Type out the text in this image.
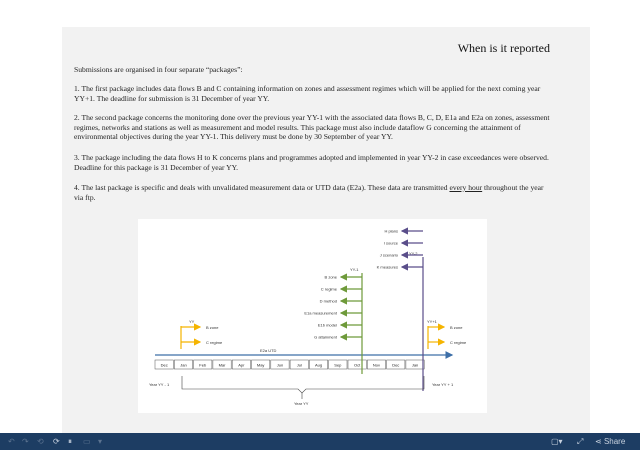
When is it reported

Submissions are organised in four separate “packages”:

1. The first package includes data flows B and C containing information on zones and assessment regimes which will be applied for the next coming year YY+1. The deadline for submission is 31 December of year YY.

2. The second package concerns the monitoring done over the previous year YY-1 with the associated data flows B, C, D, E1a and E2a on zones, assessment regimes, networks and stations as well as measurement and model results. This package must also include dataflow G concerning the attainment of environmental objectives during the year YY-1. This delivery must be done by 30 September of year YY.

3. The package including the data flows H to K concerns plans and programmes adopted and implemented in year YY-2 in case exceedances were observed. Deadline for this package is 31 December of year YY.

4. The last package is specific and deals with unvalidated measurement data or UTD data (E2a). These data are transmitted every hour throughout the year via ftp.

E2a UTD
Dec	Jan	Feb	Mar	Apr	May	Jun	Jul	Aug	Sep	Oct	Nov	Dec	Jan
YY
B zone
C regime
YY-1
B zone
C regime
D method
E1a measurement
E1b model
G attainment
YY-2
H plans
I source
J scenario
K measures
YY+1
B zone
C regime
Year YY - 1	Year YY + 1
Year YY
↶ ↷ ⟲ ⟳ ⏸ ▭ ▾	▢▾ ⤢ ⋖ Share
